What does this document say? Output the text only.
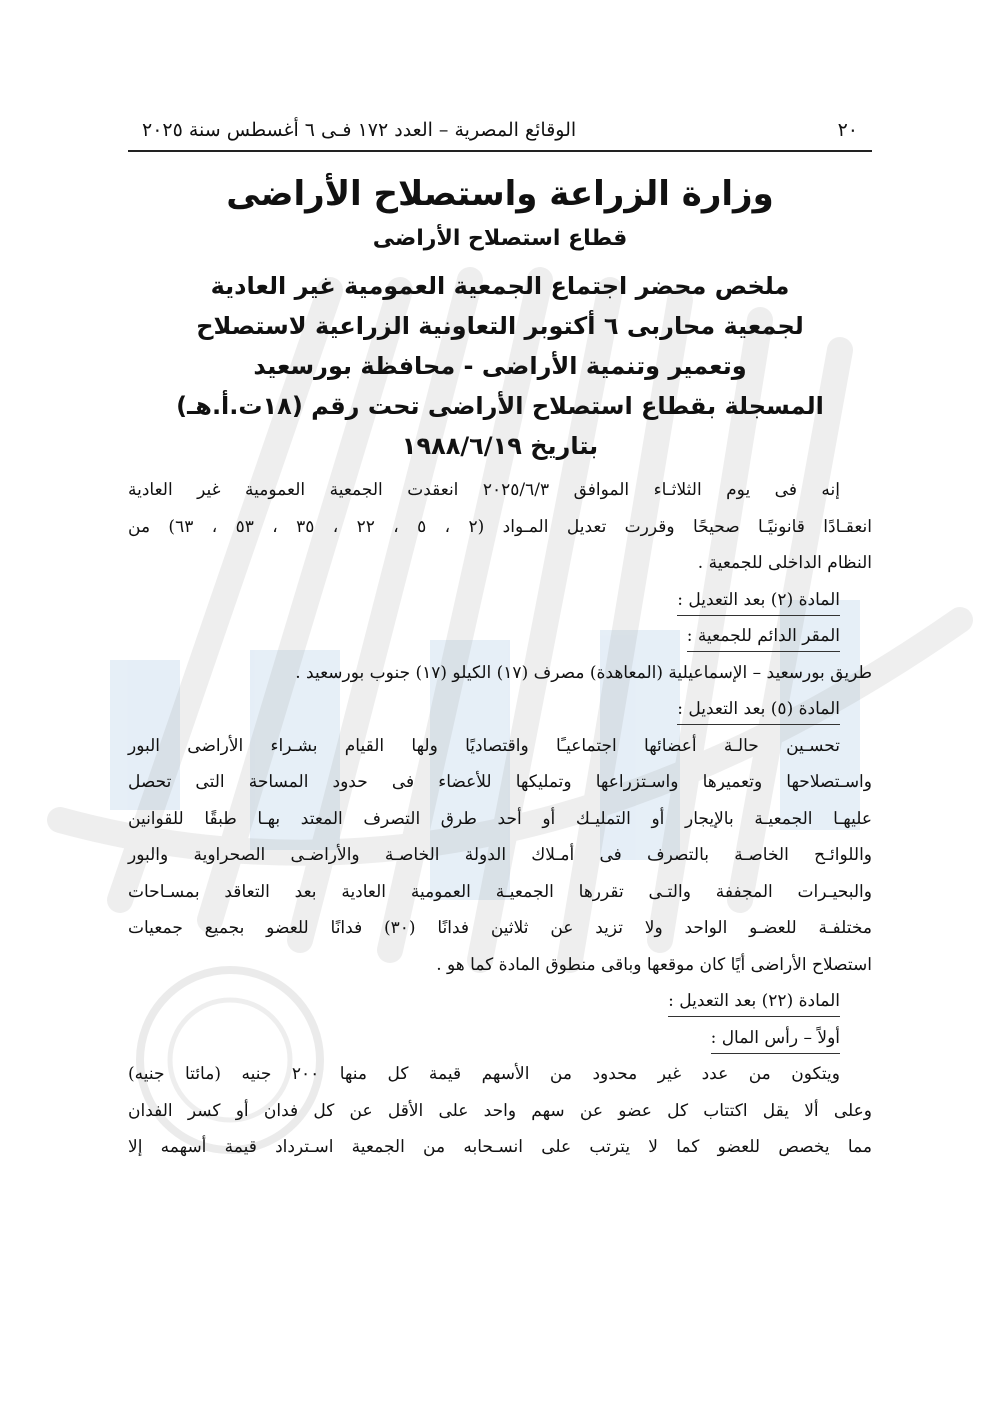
٢٠
الوقائع المصرية – العدد ١٧٢ فـى ٦ أغسطس سنة ٢٠٢٥
وزارة الزراعة واستصلاح الأراضى
قطاع استصلاح الأراضى
ملخص محضر اجتماع الجمعية العمومية غير العادية
لجمعية محاربى ٦ أكتوبر التعاونية الزراعية لاستصلاح
وتعمير وتنمية الأراضى - محافظة بورسعيد
المسجلة بقطاع استصلاح الأراضى تحت رقم (١٨ت.أ.هـ)
بتاريخ ١٩٨٨/٦/١٩

إنه فى يوم الثلاثـاء الموافق ٢٠٢٥/٦/٣ انعقدت الجمعية العمومية غير العادية

انعقـادًا قانونيًـا صحيحًا وقررت تعديل المـواد (٢ ، ٥ ، ٢٢ ، ٣٥ ، ٥٣ ، ٦٣) من

النظام الداخلى للجمعية .

المادة (٢) بعد التعديل :

المقر الدائم للجمعية :

طريق بورسعيد – الإسماعيلية (المعاهدة) مصرف (١٧) الكيلو (١٧) جنوب بورسعيد .

المادة (٥) بعد التعديل :

تحسـين حالـة أعضائها اجتماعيـًا واقتصاديًا ولها القيام بشـراء الأراضى البور

واسـتصلاحها وتعميرها واسـتزراعها وتمليكها للأعضاء فى حدود المساحة التى تحصل

عليهـا الجمعيـة بالإيجار أو التمليـك أو أحد طرق التصرف المعتد بهـا طبقًا للقوانين

واللوائـح الخاصـة بالتصرف فى أمـلاك الدولة الخاصـة والأراضـى الصحراوية والبور

والبحيـرات المجففة والتـى تقررها الجمعيـة العمومية العادية بعد التعاقد بمسـاحات

مختلفـة للعضـو الواحد ولا تزيد عن ثلاثين فدانًا (٣٠) فدانًا للعضو بجميع جمعيات

استصلاح الأراضى أيًا كان موقعها وباقى منطوق المادة كما هو .

المادة (٢٢) بعد التعديل :

أولاً – رأس المال :

ويتكون من عدد غير محدود من الأسهم قيمة كل منها ٢٠٠ جنيه (مائتا جنيه)

وعلى ألا يقل اكتتاب كل عضو عن سهم واحد على الأقل عن كل فدان أو كسر الفدان

مما يخصص للعضو كما لا يترتب على انسـحابه من الجمعية اسـترداد قيمة أسهمه إلا
